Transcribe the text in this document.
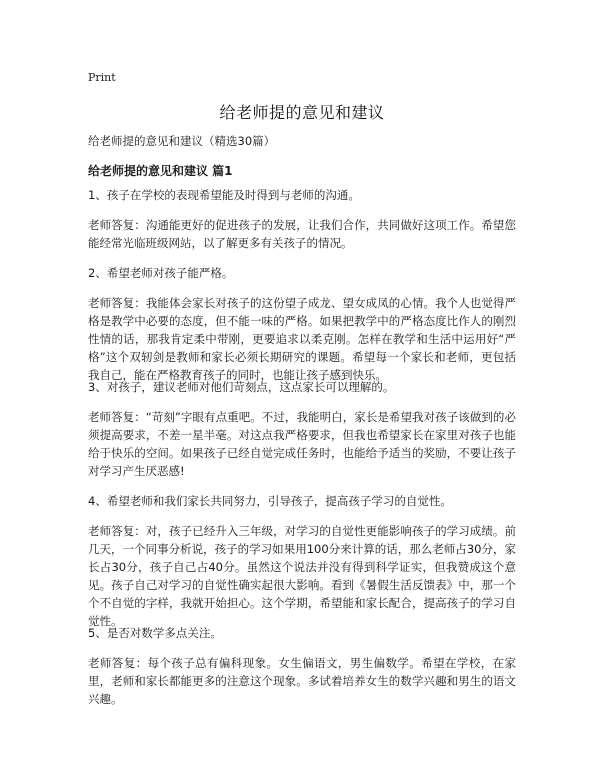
Print
给老师提的意见和建议
给老师提的意见和建议（精选30篇）
给老师提的意见和建议 篇1

1、孩子在学校的表现希望能及时得到与老师的沟通。

老师答复：沟通能更好的促进孩子的发展，让我们合作，共同做好这项工作。希望您能经常光临班级网站，以了解更多有关孩子的情况。

2、希望老师对孩子能严格。

老师答复：我能体会家长对孩子的这份望子成龙、望女成凤的心情。我个人也觉得严格是教学中必要的态度，但不能一味的严格。如果把教学中的严格态度比作人的刚烈性情的话，那我肯定柔中带刚，更要追求以柔克刚。怎样在教学和生活中运用好“严格”这个双轫剑是教师和家长必须长期研究的课题。希望每一个家长和老师，更包括我自己，能在严格教育孩子的同时，也能让孩子感到快乐。

3、对孩子，建议老师对他们苛刻点，这点家长可以理解的。

老师答复：“苛刻”字眼有点重吧。不过，我能明白，家长是希望我对孩子该做到的必须提高要求，不差一星半毫。对这点我严格要求，但我也希望家长在家里对孩子也能给于快乐的空间。如果孩子已经自觉完成任务时，也能给予适当的奖励，不要让孩子对学习产生厌恶感!

4、希望老师和我们家长共同努力，引导孩子，提高孩子学习的自觉性。

老师答复：对，孩子已经升入三年级，对学习的自觉性更能影响孩子的学习成绩。前几天，一个同事分析说，孩子的学习如果用100分来计算的话，那么老师占30分，家长占30分，孩子自己占40分。虽然这个说法并没有得到科学证实，但我赞成这个意见。孩子自己对学习的自觉性确实起很大影响。看到《暑假生活反馈表》中，那一个个不自觉的字样，我就开始担心。这个学期，希望能和家长配合，提高孩子的学习自觉性。

5、是否对数学多点关注。

老师答复：每个孩子总有偏科现象。女生偏语文，男生偏数学。希望在学校，在家里，老师和家长都能更多的注意这个现象。多试着培养女生的数学兴趣和男生的语文兴趣。
